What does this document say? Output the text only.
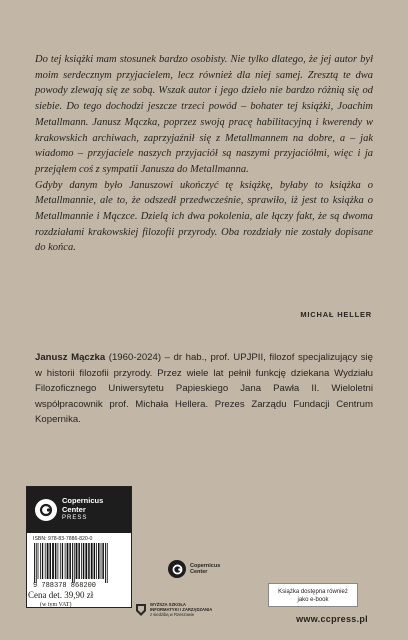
Do tej książki mam stosunek bardzo osobisty. Nie tylko dlatego, że jej autor był moim serdecznym przyjacielem, lecz również dla niej samej. Zresztą te dwa powody zlewają się ze sobą. Wszak autor i jego dzieło nie bardzo różnią się od siebie. Do tego dochodzi jeszcze trzeci powód – bohater tej książki, Joachim Metallmann. Janusz Mączka, poprzez swoją pracę habilitacyjną i kwerendy w krakowskich archiwach, zaprzyjaźnił się z Metallmannem na dobre, a – jak wiadomo – przyjaciele naszych przyjaciół są naszymi przyjaciółmi, więc i ja przejąłem coś z sympatii Janusza do Metallmanna.

Gdyby danym było Januszowi ukończyć tę książkę, byłaby to książka o Metallmannie, ale to, że odszedł przedwcześnie, sprawiło, iż jest to książka o Metallmannie i Mączce. Dzielą ich dwa pokolenia, ale łączy fakt, że są dwoma rozdziałami krakowskiej filozofii przyrody. Oba rozdziały nie zostały dopisane do końca.

MICHAŁ HELLER

Janusz Mączka (1960-2024) – dr hab., prof. UPJPII, filozof specjalizujący się w historii filozofii przyrody. Przez wiele lat pełnił funkcję dziekana Wydziału Filozoficznego Uniwersytetu Papieskiego Jana Pawła II. Wieloletni współpracownik prof. Michała Hellera. Prezes Zarządu Fundacji Centrum Kopernika.

Copernicus
Center
PRESS
ISBN: 978-83-7886-820-0
9 788378 868200
Cena det. 39,90 zł
(w tym VAT)
Copernicus
Center
WYŻSZA SZKOŁA
INFORMATYKI I ZARZĄDZANIA
z siedzibą w Rzeszowie
Książka dostępna również
jako e-book
www.ccpress.pl
